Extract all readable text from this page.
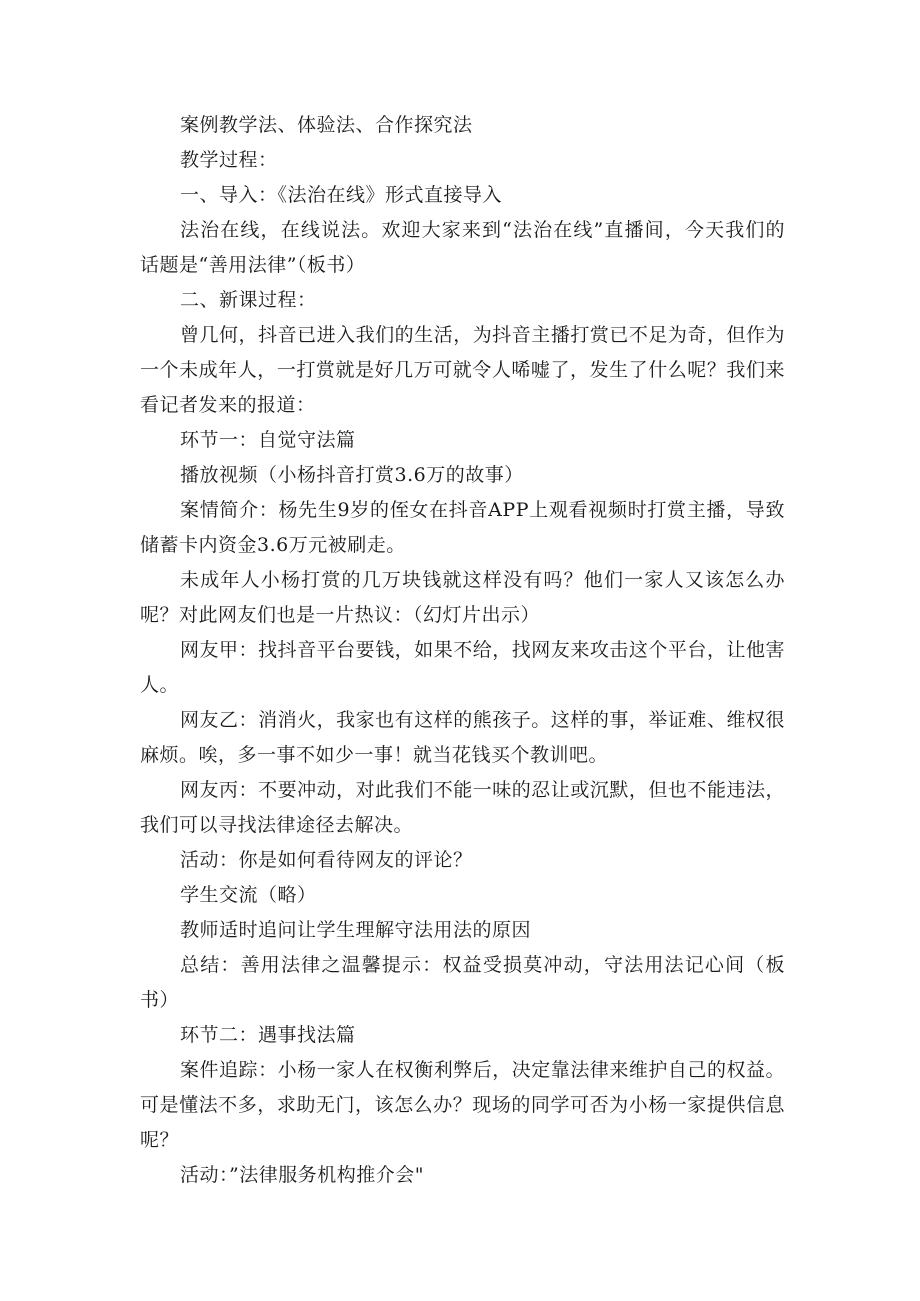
案例教学法、体验法、合作探究法

教学过程：

一、导入：《法治在线》形式直接导入

法治在线，在线说法。欢迎大家来到“法治在线”直播间，今天我们的话题是“善用法律”（板书）

二、新课过程：

曾几何，抖音已进入我们的生活，为抖音主播打赏已不足为奇，但作为一个未成年人，一打赏就是好几万可就令人唏嘘了，发生了什么呢？我们来看记者发来的报道：

环节一：自觉守法篇

播放视频（小杨抖音打赏3.6万的故事）

案情简介：杨先生9岁的侄女在抖音APP上观看视频时打赏主播，导致储蓄卡内资金3.6万元被刷走。

未成年人小杨打赏的几万块钱就这样没有吗？他们一家人又该怎么办呢？对此网友们也是一片热议：（幻灯片出示）

网友甲：找抖音平台要钱，如果不给，找网友来攻击这个平台，让他害人。

网友乙：消消火，我家也有这样的熊孩子。这样的事，举证难、维权很麻烦。唉，多一事不如少一事！就当花钱买个教训吧。

网友丙：不要冲动，对此我们不能一味的忍让或沉默，但也不能违法，我们可以寻找法律途径去解决。

活动：你是如何看待网友的评论？

学生交流（略）

教师适时追问让学生理解守法用法的原因

总结：善用法律之温馨提示：权益受损莫冲动，守法用法记心间（板书）

环节二：遇事找法篇

案件追踪：小杨一家人在权衡利弊后，决定靠法律来维护自己的权益。可是懂法不多，求助无门，该怎么办？现场的同学可否为小杨一家提供信息呢？

活动：”法律服务机构推介会"
